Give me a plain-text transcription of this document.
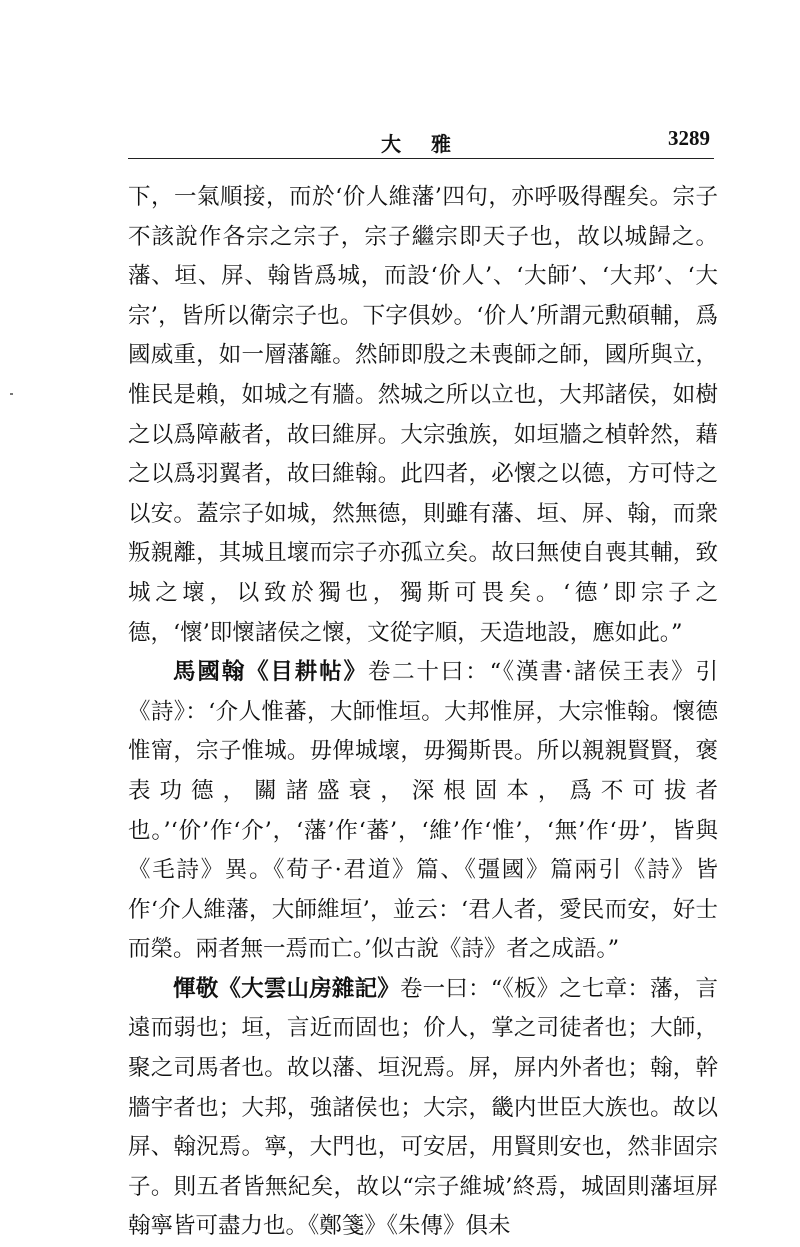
大雅	3289

下，一氣順接，而於‘价人維藩’四句，亦呼吸得醒矣。宗子不該說作各宗之宗子，宗子繼宗即天子也，故以城歸之。藩、垣、屏、翰皆爲城，而設‘价人’、‘大師’、‘大邦’、‘大宗’，皆所以衛宗子也。下字俱妙。‘价人’所謂元勲碩輔，爲國威重，如一層藩籬。然師即殷之未喪師之師，國所與立，惟民是賴，如城之有牆。然城之所以立也，大邦諸侯，如樹之以爲障蔽者，故曰維屏。大宗強族，如垣牆之楨幹然，藉之以爲羽翼者，故曰維翰。此四者，必懷之以德，方可恃之以安。蓋宗子如城，然無德，則雖有藩、垣、屏、翰，而衆叛親離，其城且壞而宗子亦孤立矣。故曰無使自喪其輔，致城之壞，以致於獨也，獨斯可畏矣。‘德’即宗子之德，‘懷’即懷諸侯之懷，文從字順，天造地設，應如此。”

馬國翰《目耕帖》卷二十曰：“《漢書·諸侯王表》引《詩》：‘介人惟蕃，大師惟垣。大邦惟屏，大宗惟翰。懷德惟甯，宗子惟城。毋俾城壞，毋獨斯畏。所以親親賢賢，褒表功德，關諸盛衰，深根固本，爲不可拔者也。’‘价’作‘介’，‘藩’作‘蕃’，‘維’作‘惟’，‘無’作‘毋’，皆與《毛詩》異。《荀子·君道》篇、《彊國》篇兩引《詩》皆作‘介人維藩，大師維垣’，並云：‘君人者，愛民而安，好士而榮。兩者無一焉而亡。’似古說《詩》者之成語。”

惲敬《大雲山房雜記》卷一曰：“《板》之七章：藩，言遠而弱也；垣，言近而固也；价人，掌之司徒者也；大師，聚之司馬者也。故以藩、垣況焉。屏，屏内外者也；翰，幹牆宇者也；大邦，強諸侯也；大宗，畿内世臣大族也。故以屏、翰況焉。寧，大門也，可安居，用賢則安也，然非固宗子。則五者皆無紀矣，故以“宗子維城’終焉，城固則藩垣屏翰寧皆可盡力也。《鄭箋》《朱傳》俱未
